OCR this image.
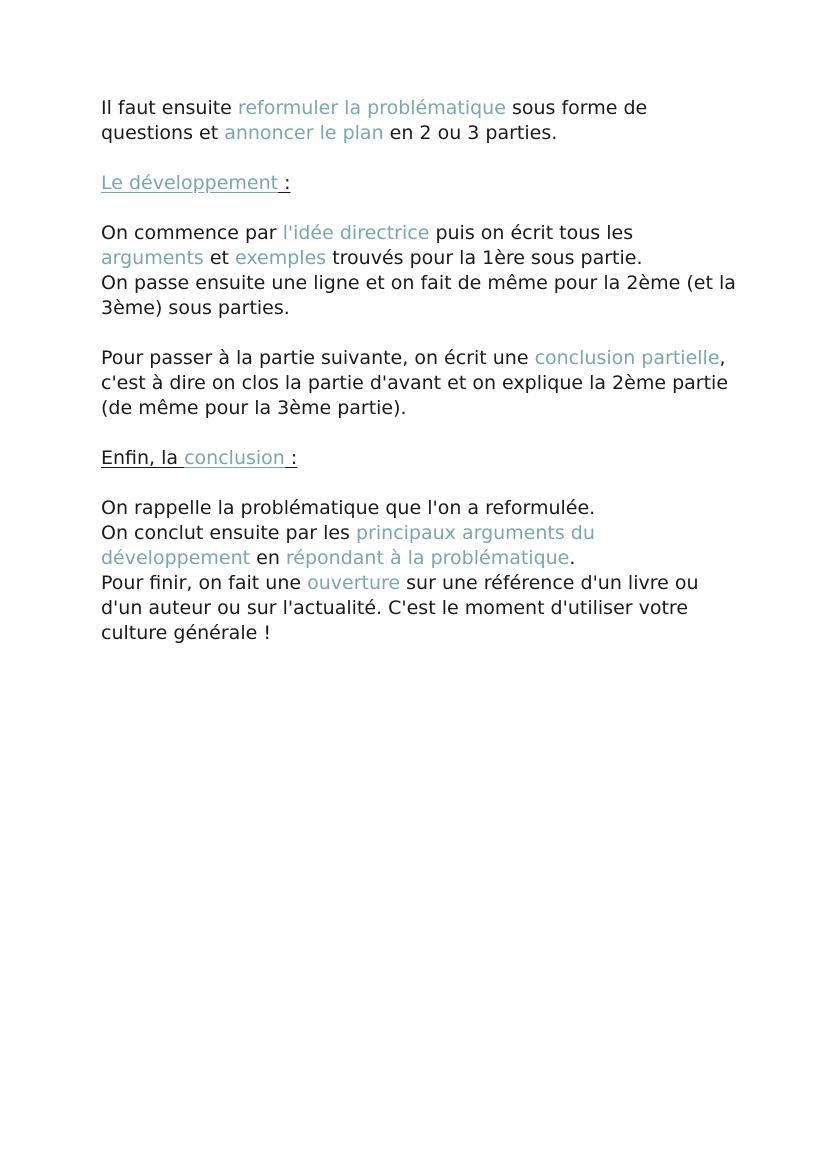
Il faut ensuite reformuler la problématique sous forme de questions et annoncer le plan en 2 ou 3 parties.

Le développement :

On commence par l'idée directrice puis on écrit tous les arguments et exemples trouvés pour la 1ère sous partie.
On passe ensuite une ligne et on fait de même pour la 2ème (et la 3ème) sous parties.

Pour passer à la partie suivante, on écrit une conclusion partielle, c'est à dire on clos la partie d'avant et on explique la 2ème partie (de même pour la 3ème partie).

Enfin, la conclusion :

On rappelle la problématique que l'on a reformulée.
On conclut ensuite par les principaux arguments du développement en répondant à la problématique.
Pour finir, on fait une ouverture sur une référence d'un livre ou d'un auteur ou sur l'actualité. C'est le moment d'utiliser votre culture générale !
